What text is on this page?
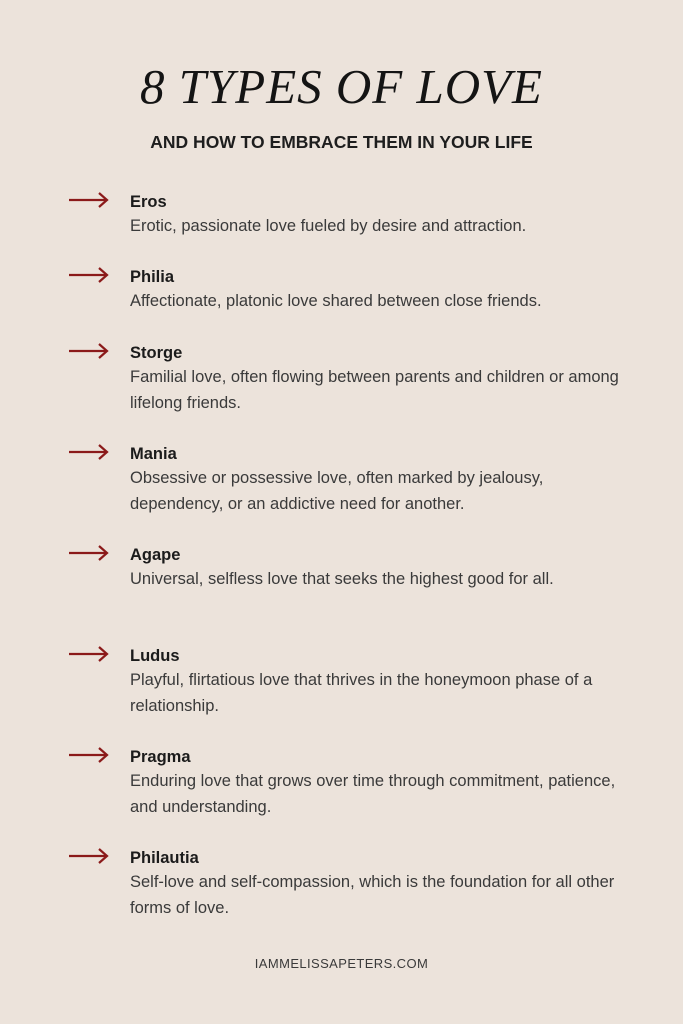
8 TYPES OF LOVE
AND HOW TO EMBRACE THEM IN YOUR LIFE
Eros
Erotic, passionate love fueled by desire and attraction.
Philia
Affectionate, platonic love shared between close friends.
Storge
Familial love, often flowing between parents and children or among lifelong friends.
Mania
Obsessive or possessive love, often marked by jealousy, dependency, or an addictive need for another.
Agape
Universal, selfless love that seeks the highest good for all.
Ludus
Playful, flirtatious love that thrives in the honeymoon phase of a relationship.
Pragma
Enduring love that grows over time through commitment, patience, and understanding.
Philautia
Self-love and self-compassion, which is the foundation for all other forms of love.
IAMMELISSAPETERS.COM
